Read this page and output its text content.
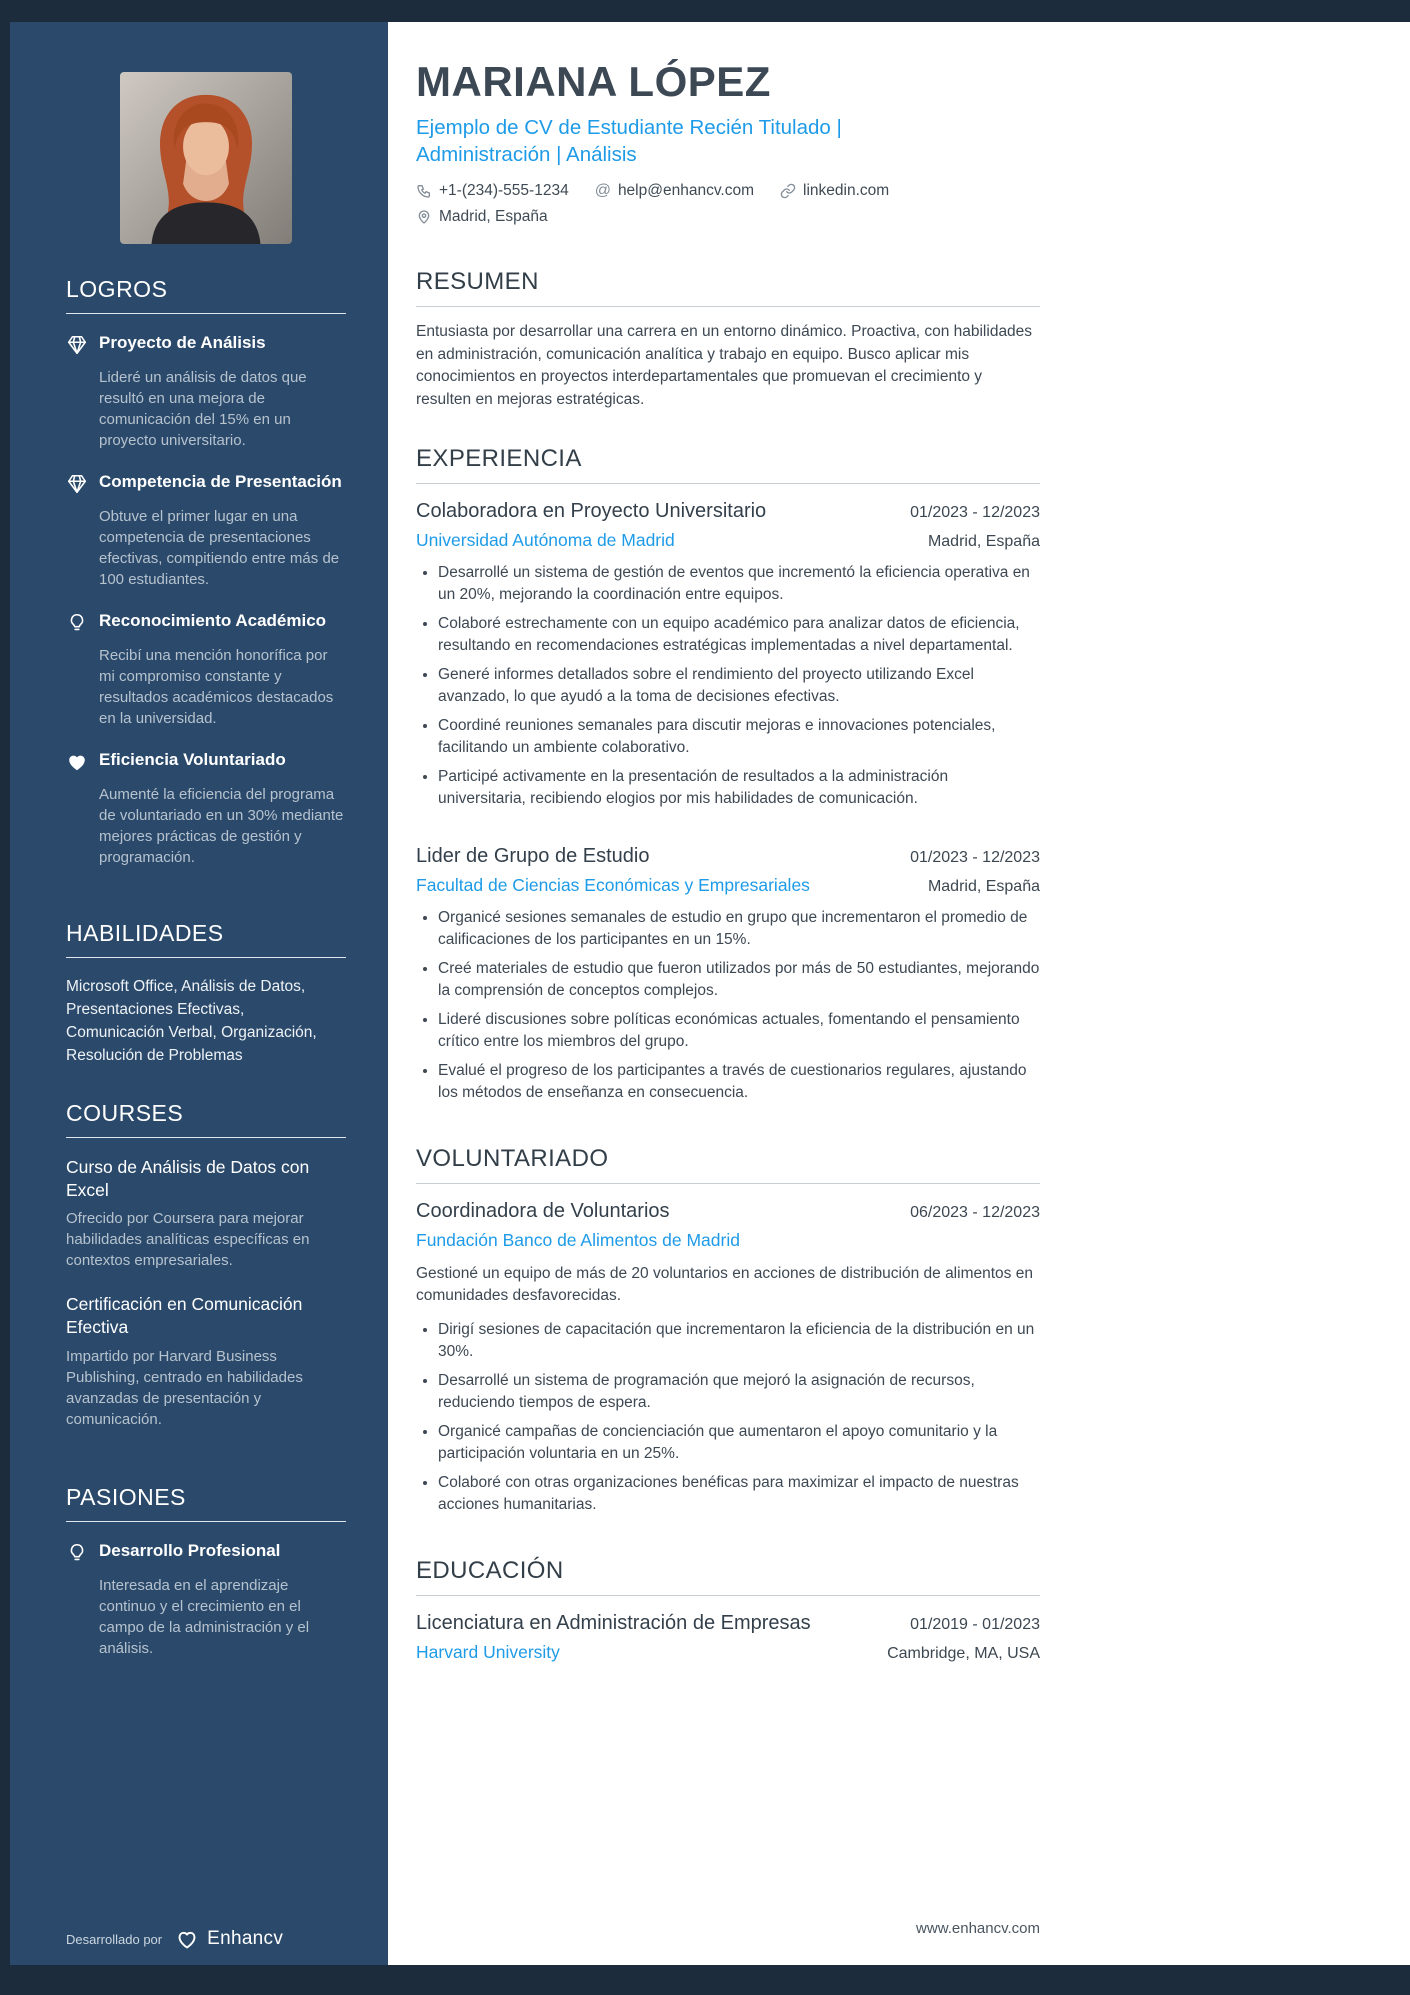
LOGROS
Proyecto de Análisis
Lideré un análisis de datos que resultó en una mejora de comunicación del 15% en un proyecto universitario.
Competencia de Presentación
Obtuve el primer lugar en una competencia de presentaciones efectivas, compitiendo entre más de 100 estudiantes.
Reconocimiento Académico
Recibí una mención honorífica por mi compromiso constante y resultados académicos destacados en la universidad.
Eficiencia Voluntariado
Aumenté la eficiencia del programa de voluntariado en un 30% mediante mejores prácticas de gestión y programación.
HABILIDADES
Microsoft Office, Análisis de Datos, Presentaciones Efectivas, Comunicación Verbal, Organización, Resolución de Problemas
COURSES
Curso de Análisis de Datos con Excel
Ofrecido por Coursera para mejorar habilidades analíticas específicas en contextos empresariales.
Certificación en Comunicación Efectiva
Impartido por Harvard Business Publishing, centrado en habilidades avanzadas de presentación y comunicación.
PASIONES
Desarrollo Profesional
Interesada en el aprendizaje continuo y el crecimiento en el campo de la administración y el análisis.
Desarrollado por Enhancv
MARIANA LÓPEZ
Ejemplo de CV de Estudiante Recién Titulado | Administración | Análisis
+1-(234)-555-1234 @ help@enhancv.com	linkedin.com
Madrid, España
RESUMEN

Entusiasta por desarrollar una carrera en un entorno dinámico. Proactiva, con habilidades en administración, comunicación analítica y trabajo en equipo. Busco aplicar mis conocimientos en proyectos interdepartamentales que promuevan el crecimiento y resulten en mejoras estratégicas.

EXPERIENCIA
Colaboradora en Proyecto Universitario	01/2023 - 12/2023
Universidad Autónoma de Madrid	Madrid, España
• Desarrollé un sistema de gestión de eventos que incrementó la eficiencia operativa en un 20%, mejorando la coordinación entre equipos.
• Colaboré estrechamente con un equipo académico para analizar datos de eficiencia, resultando en recomendaciones estratégicas implementadas a nivel departamental.
• Generé informes detallados sobre el rendimiento del proyecto utilizando Excel avanzado, lo que ayudó a la toma de decisiones efectivas.
• Coordiné reuniones semanales para discutir mejoras e innovaciones potenciales, facilitando un ambiente colaborativo.
• Participé activamente en la presentación de resultados a la administración universitaria, recibiendo elogios por mis habilidades de comunicación.
Lider de Grupo de Estudio	01/2023 - 12/2023
Facultad de Ciencias Económicas y Empresariales	Madrid, España
• Organicé sesiones semanales de estudio en grupo que incrementaron el promedio de calificaciones de los participantes en un 15%.
• Creé materiales de estudio que fueron utilizados por más de 50 estudiantes, mejorando la comprensión de conceptos complejos.
• Lideré discusiones sobre políticas económicas actuales, fomentando el pensamiento crítico entre los miembros del grupo.
• Evalué el progreso de los participantes a través de cuestionarios regulares, ajustando los métodos de enseñanza en consecuencia.
VOLUNTARIADO
Coordinadora de Voluntarios	06/2023 - 12/2023
Fundación Banco de Alimentos de Madrid

Gestioné un equipo de más de 20 voluntarios en acciones de distribución de alimentos en comunidades desfavorecidas.

• Dirigí sesiones de capacitación que incrementaron la eficiencia de la distribución en un 30%.
• Desarrollé un sistema de programación que mejoró la asignación de recursos, reduciendo tiempos de espera.
• Organicé campañas de concienciación que aumentaron el apoyo comunitario y la participación voluntaria en un 25%.
• Colaboré con otras organizaciones benéficas para maximizar el impacto de nuestras acciones humanitarias.
EDUCACIÓN
Licenciatura en Administración de Empresas	01/2019 - 01/2023
Harvard University	Cambridge, MA, USA
www.enhancv.com
